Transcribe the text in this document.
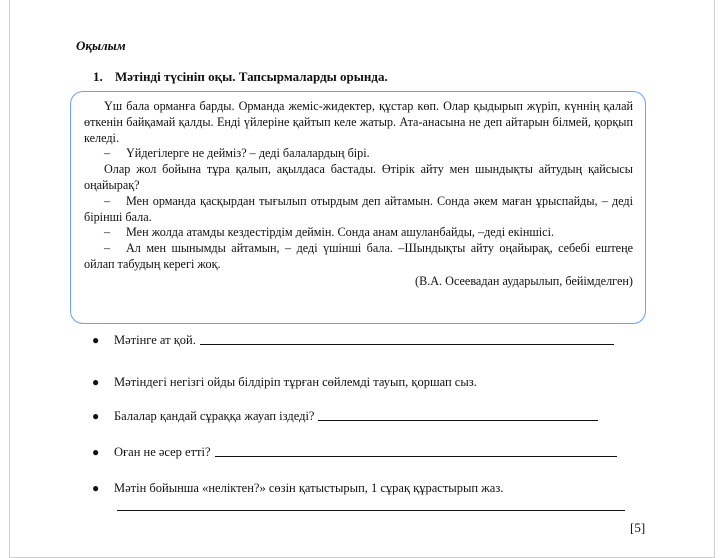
Оқылым
1. Мәтінді түсініп оқы. Тапсырмаларды орында.

Үш бала орманға барды. Орманда жеміс-жидектер, құстар көп. Олар қыдырып жүріп, күннің қалай өткенін байқамай қалды. Енді үйлеріне қайтып келе жатыр. Ата-анасына не деп айтарын білмей, қорқып келеді.

– Үйдегілерге не дейміз? – деді балалардың бірі.

Олар жол бойына тұра қалып, ақылдаса бастады. Өтірік айту мен шындықты айтудың қайсысы оңайырақ?

– Мен орманда қасқырдан тығылып отырдым деп айтамын. Сонда әкем маған ұрыспайды, – деді біріншi бала.

– Мен жолда атамды кездестірдім деймін. Сонда анам ашуланбайды, –деді екіншісі.

– Ал мен шынымды айтамын, – деді үшінші бала. –Шындықты айту оңайырақ, себебі ештеңе ойлап табудың керегі жоқ.

(В.А. Осеевадан аударылып, бейімделген)

●	Мәтінге ат қой.
●	Мәтіндегі негізгі ойды білдіріп тұрған сөйлемді тауып, қоршап сыз.
●	Балалар қандай сұраққа жауап іздеді?
●	Оған не әсер етті?
●	Мәтін бойынша «неліктен?» сөзін қатыстырып, 1 сұрақ құрастырып жаз.
[5]
